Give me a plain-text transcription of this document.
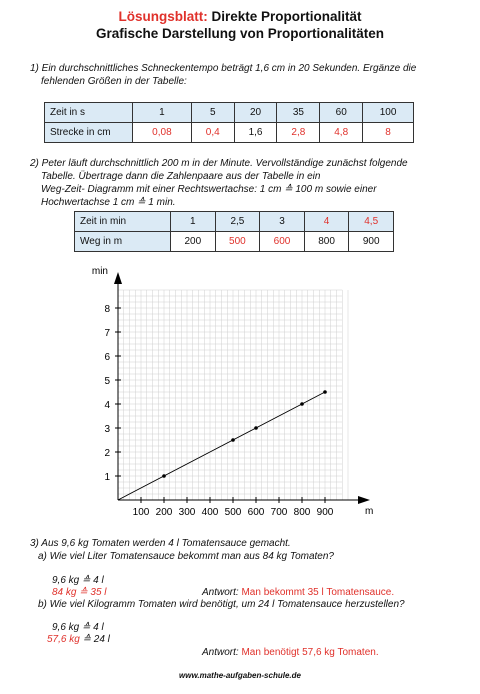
Lösungsblatt: Direkte Proportionalität
Grafische Darstellung von Proportionalitäten
1) Ein durchschnittliches Schneckentempo beträgt 1,6 cm in 20 Sekunden. Ergänze die
fehlenden Größen in der Tabelle:
Zeit in s	1	5	20	35	60	100
Strecke in cm	0,08	0,4	1,6	2,8	4,8	8
2) Peter läuft durchschnittlich 200 m in der Minute. Vervollständige zunächst folgende
Tabelle. Übertrage dann die Zahlenpaare aus der Tabelle in ein
Weg-Zeit- Diagramm mit einer Rechtswertachse: 1 cm ≙ 100 m sowie einer
Hochwertachse 1 cm ≙ 1 min.
Zeit in min	1	2,5	3	4	4,5
Weg in m	200	500	600	800	900
min
m
1
2
3
4
5
6
7
8
100 200 300 400 500 600 700 800 900
3) Aus 9,6 kg Tomaten werden 4 l Tomatensauce gemacht.
a) Wie viel Liter Tomatensauce bekommt man aus 84 kg Tomaten?
9,6 kg ≙ 4 l
84 kg ≙ 35 l	Antwort: Man bekommt 35 l Tomatensauce.
b) Wie viel Kilogramm Tomaten wird benötigt, um 24 l Tomatensauce herzustellen?
9,6 kg ≙ 4 l
57,6 kg ≙ 24 l
Antwort: Man benötigt 57,6 kg Tomaten.
www.mathe-aufgaben-schule.de
